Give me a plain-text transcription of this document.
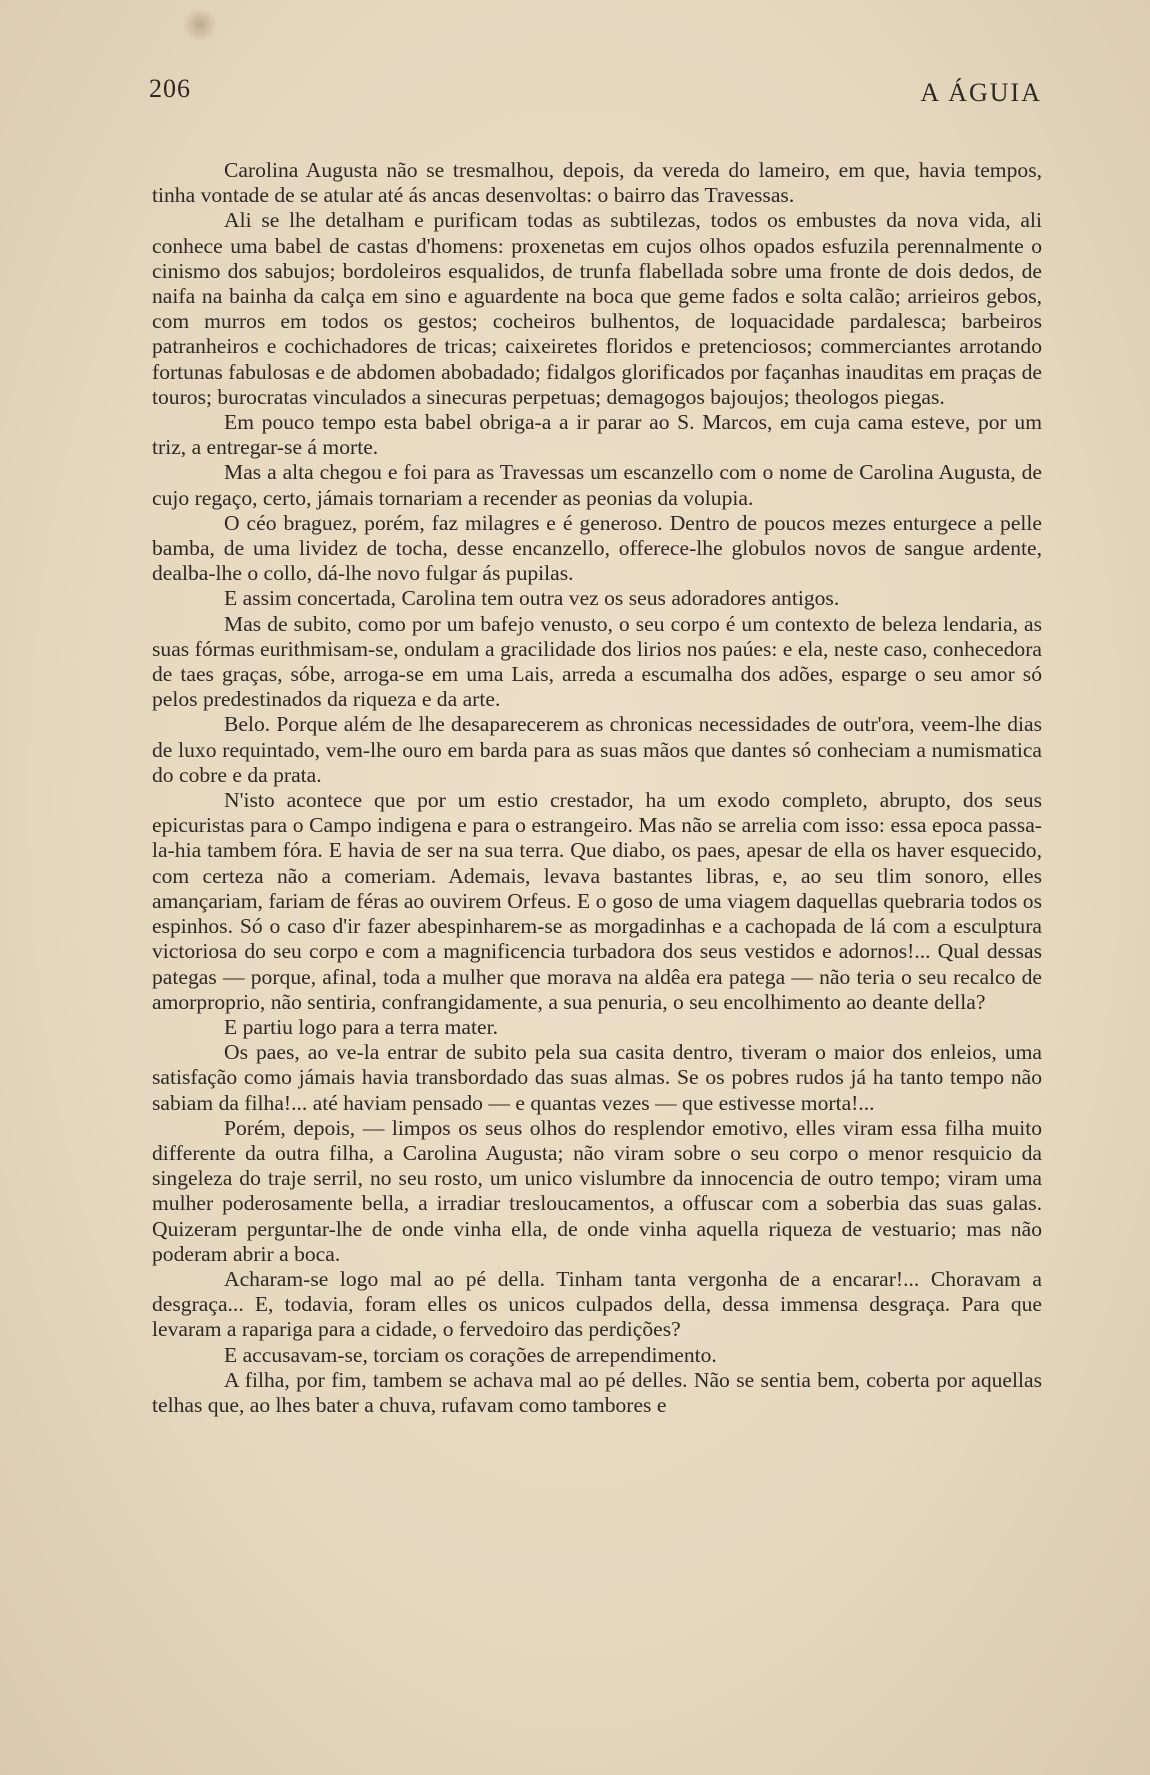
206	A ÁGUIA

Carolina Augusta não se tresmalhou, depois, da vereda do lameiro, em que, havia tempos, tinha vontade de se atular até ás ancas desenvoltas: o bairro das Travessas.

Ali se lhe detalham e purificam todas as subtilezas, todos os embustes da nova vida, ali conhece uma babel de castas d'homens: proxenetas em cujos olhos opados esfuzila perennalmente o cinismo dos sabujos; bordoleiros esqualidos, de trunfa flabellada sobre uma fronte de dois dedos, de naifa na bainha da calça em sino e aguardente na boca que geme fados e solta calão; arrieiros gebos, com murros em todos os gestos; cocheiros bulhentos, de loquacidade pardalesca; barbeiros patranheiros e cochichadores de tricas; caixeiretes floridos e pretenciosos; commerciantes arrotando fortunas fabulosas e de abdomen abobadado; fidalgos glorificados por façanhas inauditas em praças de touros; burocratas vinculados a sinecuras perpetuas; demagogos bajoujos; theologos piegas.

Em pouco tempo esta babel obriga-a a ir parar ao S. Marcos, em cuja cama esteve, por um triz, a entregar-se á morte.

Mas a alta chegou e foi para as Travessas um escanzello com o nome de Carolina Augusta, de cujo regaço, certo, jámais tornariam a recender as peonias da volupia.

O céo braguez, porém, faz milagres e é generoso. Dentro de poucos mezes enturgece a pelle bamba, de uma lividez de tocha, desse encanzello, offerece-lhe globulos novos de sangue ardente, dealba-lhe o collo, dá-lhe novo fulgar ás pupilas.

E assim concertada, Carolina tem outra vez os seus adoradores antigos.

Mas de subito, como por um bafejo venusto, o seu corpo é um contexto de beleza lendaria, as suas fórmas eurithmisam-se, ondulam a gracilidade dos lirios nos paúes: e ela, neste caso, conhecedora de taes graças, sóbe, arroga-se em uma Lais, arreda a escumalha dos adões, esparge o seu amor só pelos predestinados da riqueza e da arte.

Belo. Porque além de lhe desaparecerem as chronicas necessidades de outr'ora, veem-lhe dias de luxo requintado, vem-lhe ouro em barda para as suas mãos que dantes só conheciam a numismatica do cobre e da prata.

N'isto acontece que por um estio crestador, ha um exodo completo, abrupto, dos seus epicuristas para o Campo indigena e para o estrangeiro. Mas não se arrelia com isso: essa epoca passa-la-hia tambem fóra. E havia de ser na sua terra. Que diabo, os paes, apesar de ella os haver esquecido, com certeza não a comeriam. Ademais, levava bastantes libras, e, ao seu tlim sonoro, elles amançariam, fariam de féras ao ouvirem Orfeus. E o goso de uma viagem daquellas quebraria todos os espinhos. Só o caso d'ir fazer abespinharem-se as morgadinhas e a cachopada de lá com a esculptura victoriosa do seu corpo e com a magnificencia turbadora dos seus vestidos e adornos!... Qual dessas pategas — porque, afinal, toda a mulher que morava na aldêa era patega — não teria o seu recalco de amorproprio, não sentiria, confrangidamente, a sua penuria, o seu encolhimento ao deante della?

E partiu logo para a terra mater.

Os paes, ao ve-la entrar de subito pela sua casita dentro, tiveram o maior dos enleios, uma satisfação como jámais havia transbordado das suas almas. Se os pobres rudos já ha tanto tempo não sabiam da filha!... até haviam pensado — e quantas vezes — que estivesse morta!...

Porém, depois, — limpos os seus olhos do resplendor emotivo, elles viram essa filha muito differente da outra filha, a Carolina Augusta; não viram sobre o seu corpo o menor resquicio da singeleza do traje serril, no seu rosto, um unico vislumbre da innocencia de outro tempo; viram uma mulher poderosamente bella, a irradiar tresloucamentos, a offuscar com a soberbia das suas galas. Quizeram perguntar-lhe de onde vinha ella, de onde vinha aquella riqueza de vestuario; mas não poderam abrir a boca.

Acharam-se logo mal ao pé della. Tinham tanta vergonha de a encarar!... Choravam a desgraça... E, todavia, foram elles os unicos culpados della, dessa immensa desgraça. Para que levaram a rapariga para a cidade, o fervedoiro das perdições?

E accusavam-se, torciam os corações de arrependimento.

A filha, por fim, tambem se achava mal ao pé delles. Não se sentia bem, coberta por aquellas telhas que, ao lhes bater a chuva, rufavam como tambores e
